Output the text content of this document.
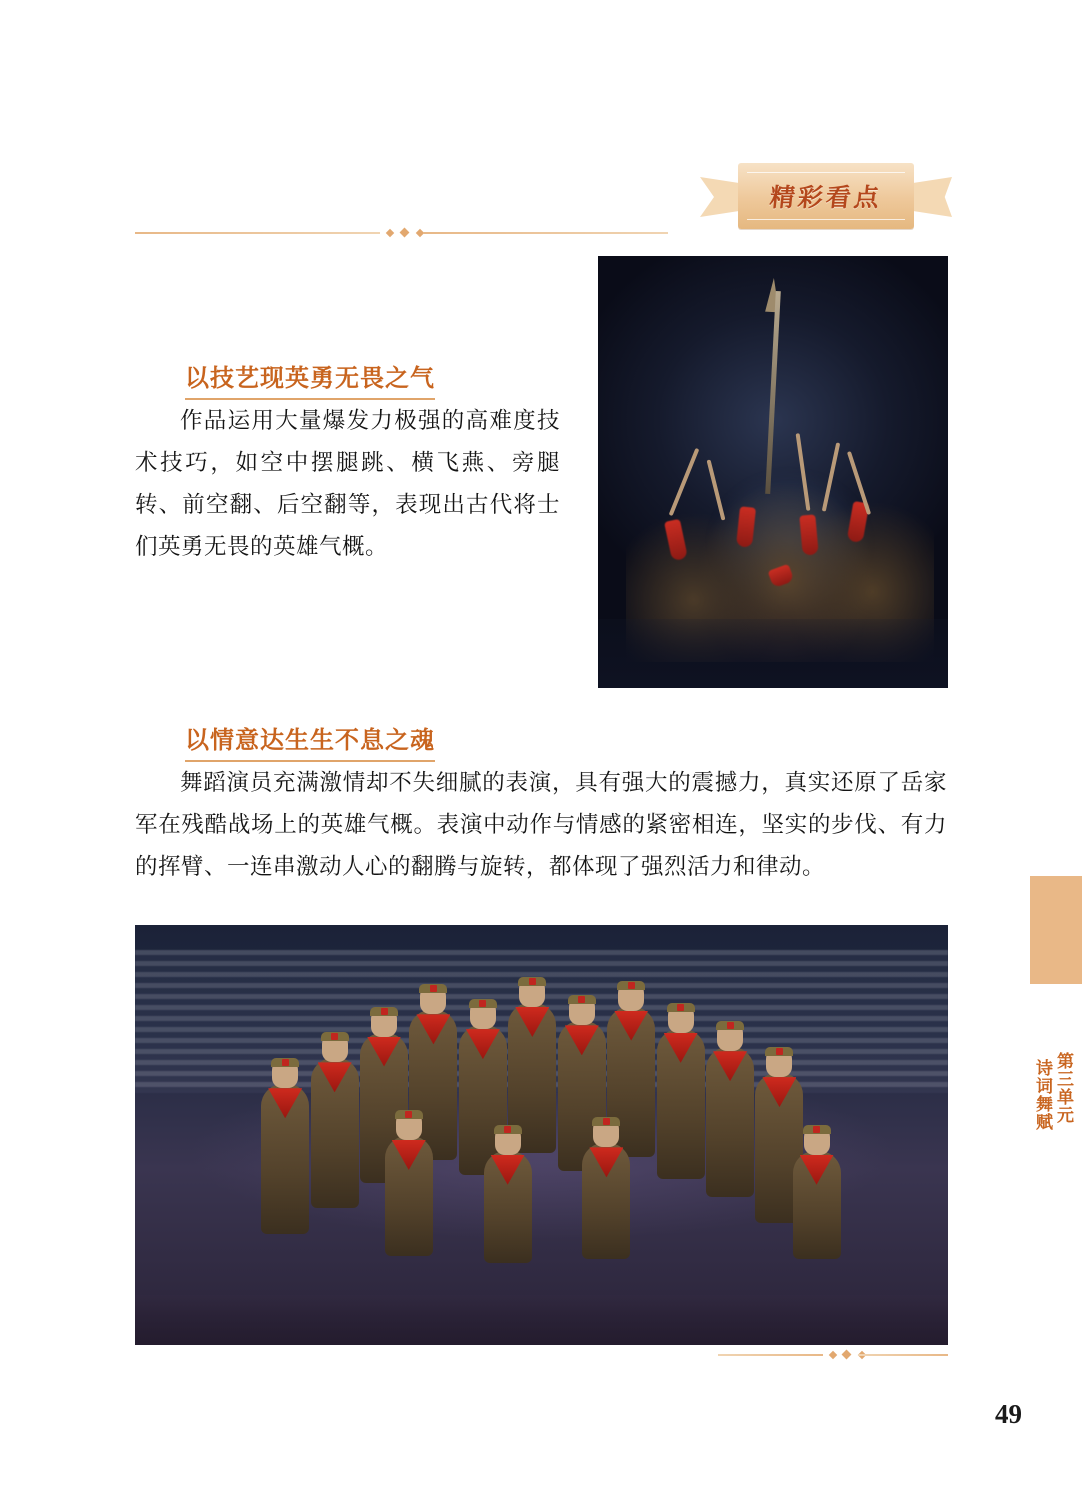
精彩看点
以技艺现英勇无畏之气
作品运用大量爆发力极强的高难度技术技巧，如空中摆腿跳、横飞燕、旁腿转、前空翻、后空翻等，表现出古代将士们英勇无畏的英雄气概。
以情意达生生不息之魂
舞蹈演员充满激情却不失细腻的表演，具有强大的震撼力，真实还原了岳家军在残酷战场上的英雄气概。表演中动作与情感的紧密相连，坚实的步伐、有力的挥臂、一连串激动人心的翻腾与旋转，都体现了强烈活力和律动。
第三单元
诗词舞赋
49
